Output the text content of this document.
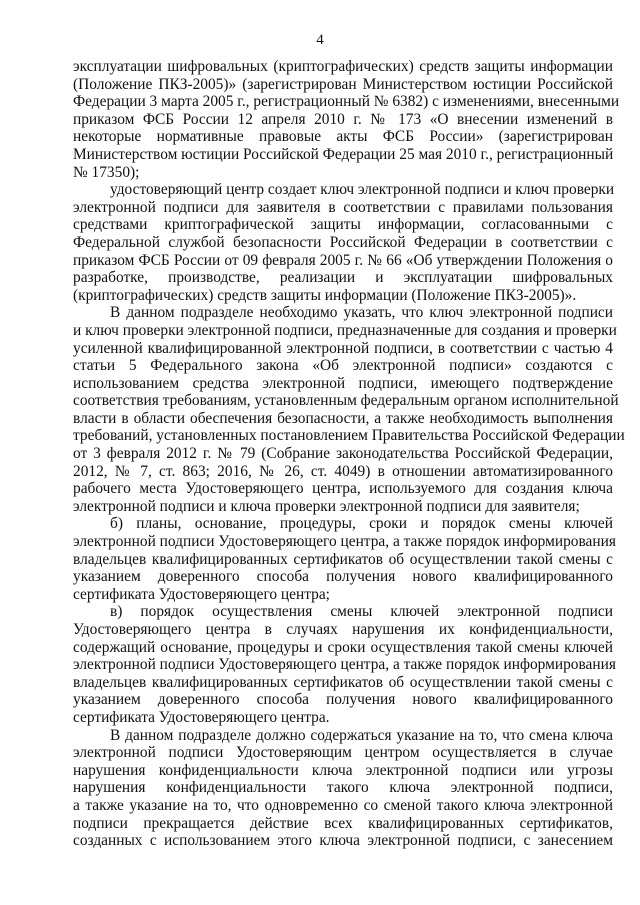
4

эксплуатации шифровальных (криптографических) средств защиты информации
(Положение ПКЗ-2005)» (зарегистрирован Министерством юстиции Российской
Федерации 3 марта 2005 г., регистрационный № 6382) с изменениями, внесенными
приказом ФСБ России 12 апреля 2010 г. № 173 «О внесении изменений в
некоторые нормативные правовые акты ФСБ России» (зарегистрирован
Министерством юстиции Российской Федерации 25 мая 2010 г., регистрационный
№ 17350);

удостоверяющий центр создает ключ электронной подписи и ключ проверки
электронной подписи для заявителя в соответствии с правилами пользования
средствами криптографической защиты информации, согласованными с
Федеральной службой безопасности Российской Федерации в соответствии с
приказом ФСБ России от 09 февраля 2005 г. № 66 «Об утверждении Положения о
разработке, производстве, реализации и эксплуатации шифровальных
(криптографических) средств защиты информации (Положение ПКЗ-2005)».

В данном подразделе необходимо указать, что ключ электронной подписи
и ключ проверки электронной подписи, предназначенные для создания и проверки
усиленной квалифицированной электронной подписи, в соответствии с частью 4
статьи 5 Федерального закона «Об электронной подписи» создаются с
использованием средства электронной подписи, имеющего подтверждение
соответствия требованиям, установленным федеральным органом исполнительной
власти в области обеспечения безопасности, а также необходимость выполнения
требований, установленных постановлением Правительства Российской Федерации
от 3 февраля 2012 г. № 79 (Собрание законодательства Российской Федерации,
2012, № 7, ст. 863; 2016, № 26, ст. 4049) в отношении автоматизированного
рабочего места Удостоверяющего центра, используемого для создания ключа
электронной подписи и ключа проверки электронной подписи для заявителя;

б) планы, основание, процедуры, сроки и порядок смены ключей
электронной подписи Удостоверяющего центра, а также порядок информирования
владельцев квалифицированных сертификатов об осуществлении такой смены с
указанием доверенного способа получения нового квалифицированного
сертификата Удостоверяющего центра;

в) порядок осуществления смены ключей электронной подписи
Удостоверяющего центра в случаях нарушения их конфиденциальности,
содержащий основание, процедуры и сроки осуществления такой смены ключей
электронной подписи Удостоверяющего центра, а также порядок информирования
владельцев квалифицированных сертификатов об осуществлении такой смены с
указанием доверенного способа получения нового квалифицированного
сертификата Удостоверяющего центра.

В данном подразделе должно содержаться указание на то, что смена ключа
электронной подписи Удостоверяющим центром осуществляется в случае
нарушения конфиденциальности ключа электронной подписи или угрозы
нарушения конфиденциальности такого ключа электронной подписи,
а также указание на то, что одновременно со сменой такого ключа электронной
подписи прекращается действие всех квалифицированных сертификатов,
созданных с использованием этого ключа электронной подписи, с занесением
